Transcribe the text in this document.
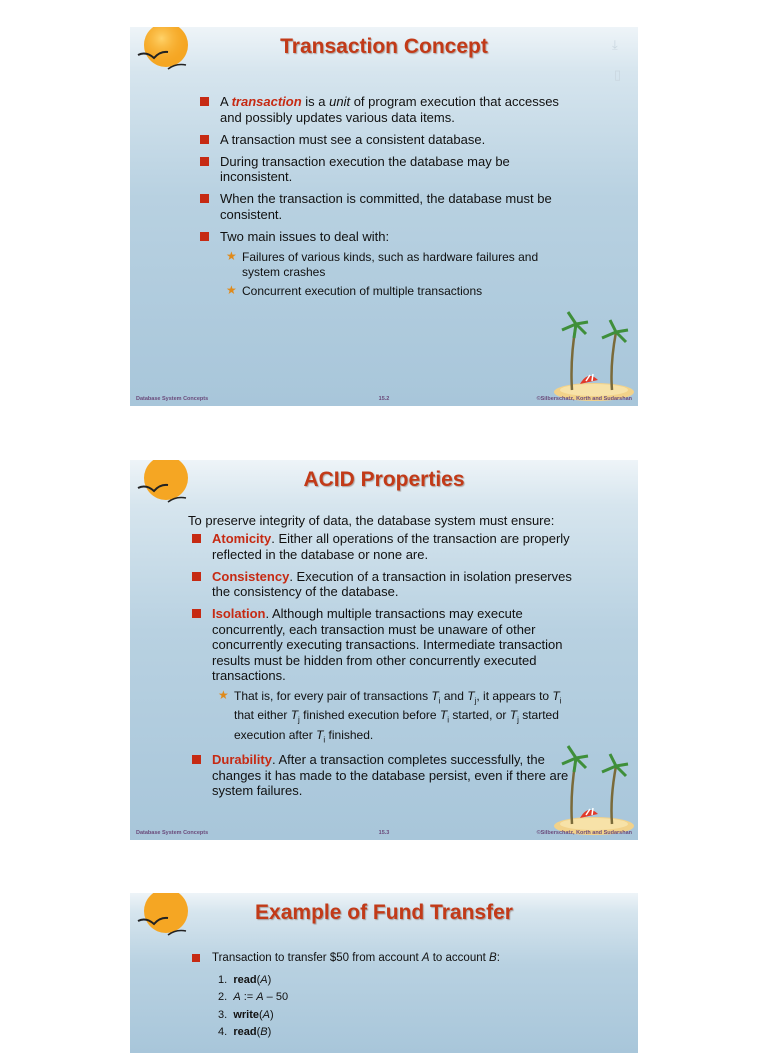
Transaction Concept	⤓
▯
A transaction is a unit of program execution that accesses and possibly updates various data items.
A transaction must see a consistent database.
During transaction execution the database may be inconsistent.
When the transaction is committed, the database must be consistent.
Two main issues to deal with:
★ Failures of various kinds, such as hardware failures and system crashes
★ Concurrent execution of multiple transactions
Database System Concepts	15.2	©Silberschatz, Korth and Sudarshan
ACID Properties
To preserve integrity of data, the database system must ensure:
Atomicity. Either all operations of the transaction are properly reflected in the database or none are.
Consistency. Execution of a transaction in isolation preserves the consistency of the database.
Isolation. Although multiple transactions may execute concurrently, each transaction must be unaware of other concurrently executing transactions. Intermediate transaction results must be hidden from other concurrently executed transactions.
★ That is, for every pair of transactions $T_i$ and $T_j$, it appears to $T_i$ that either $T_j$ finished execution before $T_i$ started, or $T_j$ started execution after $T_i$ finished.
Durability. After a transaction completes successfully, the changes it has made to the database persist, even if there are system failures.
Database System Concepts	15.3	©Silberschatz, Korth and Sudarshan
Example of Fund Transfer
Transaction to transfer $50 from account A to account B:
1. read(A)
2. A := A – 50
3. write(A)
4. read(B)
